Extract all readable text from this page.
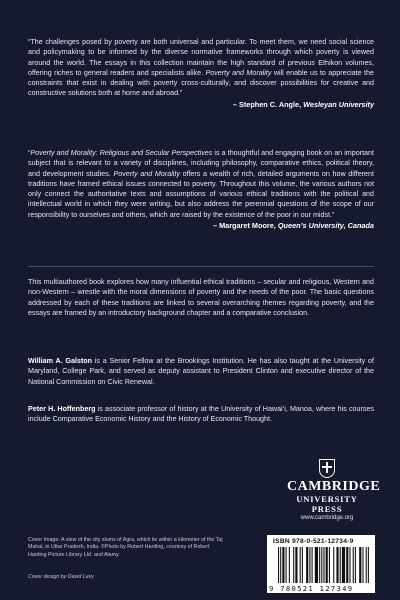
“The challenges posed by poverty are both universal and particular. To meet them, we need social science and policymaking to be informed by the diverse normative frameworks through which poverty is viewed around the world. The essays in this collection maintain the high standard of previous Ethikon volumes, offering riches to general readers and specialists alike. Poverty and Morality will enable us to appreciate the constraints that exist in dealing with poverty cross-culturally, and discover possibilities for creative and constructive solutions both at home and abroad.”

– Stephen C. Angle, Wesleyan University

“Poverty and Morality: Religious and Secular Perspectives is a thoughtful and engaging book on an important subject that is relevant to a variety of disciplines, including philosophy, comparative ethics, political theory, and development studies. Poverty and Morality offers a wealth of rich, detailed arguments on how different traditions have framed ethical issues connected to poverty. Throughout this volume, the various authors not only connect the authoritative texts and assumptions of various ethical traditions with the political and intellectual world in which they were writing, but also address the perennial questions of the scope of our responsibility to ourselves and others, which are raised by the existence of the poor in our midst.”

– Margaret Moore, Queen’s University, Canada

This multiauthored book explores how many influential ethical traditions – secular and religious, Western and non-Western – wrestle with the moral dimensions of poverty and the needs of the poor. The basic questions addressed by each of these traditions are linked to several overarching themes regarding poverty, and the essays are framed by an introductory background chapter and a comparative conclusion.

William A. Galston is a Senior Fellow at the Brookings Institution. He has also taught at the University of Maryland, College Park, and served as deputy assistant to President Clinton and executive director of the National Commission on Civic Renewal.

Peter H. Hoffenberg is associate professor of history at the University of Hawai‘i, Manoa, where his courses include Comparative Economic History and the History of Economic Thought.

CAMBRIDGE
UNIVERSITY PRESS
www.cambridge.org
Cover Image: A view of the city slums of Agra, which lie within a kilometer of the Taj Mahal, in Uttar Pradesh, India. ©Photo by Robert Harding, courtesy of Robert Harding Picture Library Ltd. and Alamy.
Cover design by David Levy
ISBN 978-0-521-12734-9
9 780521 127349
